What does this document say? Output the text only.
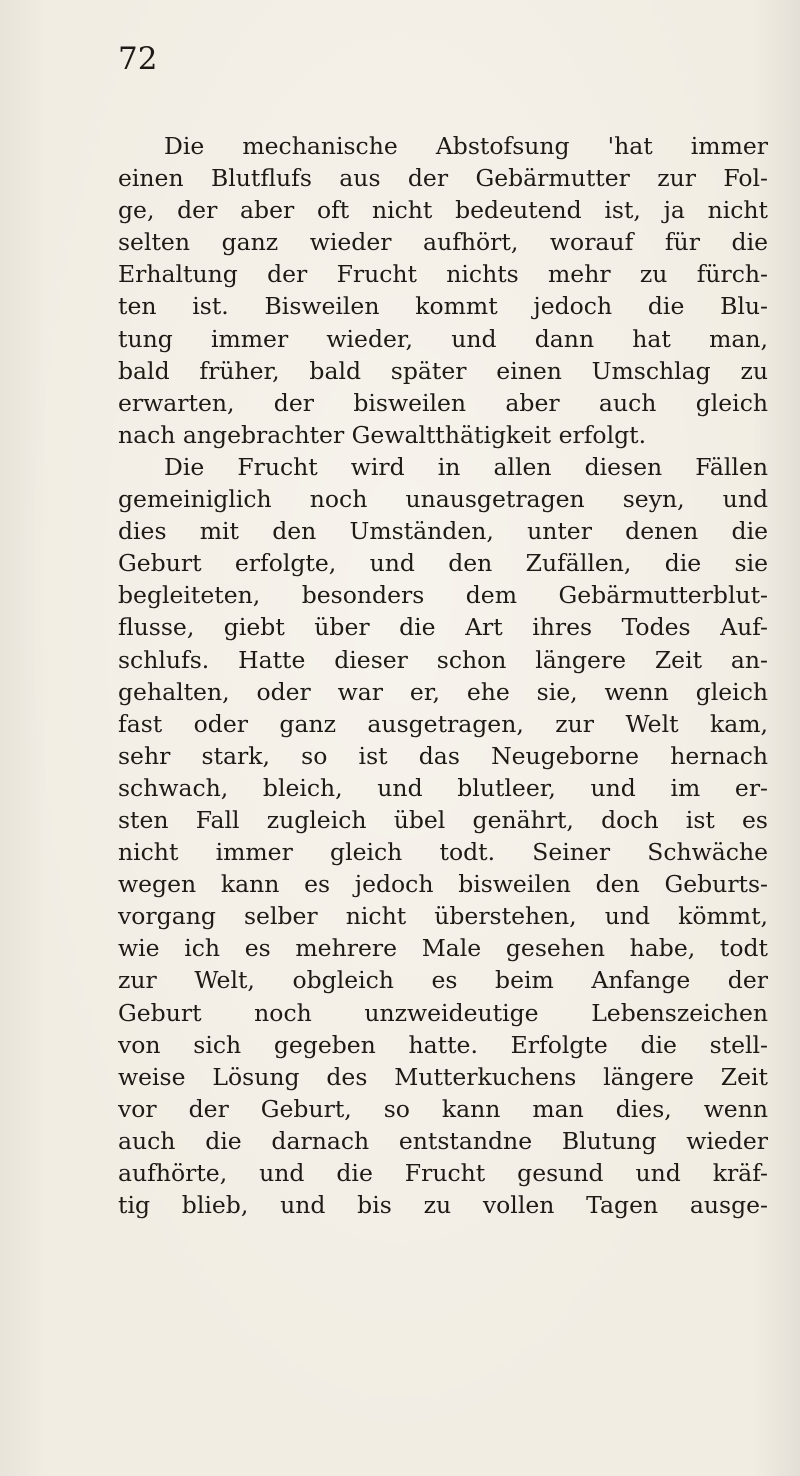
72
Die mechanische Abstofsung 'hat immer
einen Blutflufs aus der Gebärmutter zur Fol-
ge, der aber oft nicht bedeutend ist, ja nicht
selten ganz wieder aufhört, worauf für die
Erhaltung der Frucht nichts mehr zu fürch-
ten ist. Bisweilen kommt jedoch die Blu-
tung immer wieder, und dann hat man,
bald früher, bald später einen Umschlag zu
erwarten, der bisweilen aber auch gleich
nach angebrachter Gewaltthätigkeit erfolgt.
Die Frucht wird in allen diesen Fällen
gemeiniglich noch unausgetragen seyn, und
dies mit den Umständen, unter denen die
Geburt erfolgte, und den Zufällen, die sie
begleiteten, besonders dem Gebärmutterblut-
flusse, giebt über die Art ihres Todes Auf-
schlufs. Hatte dieser schon längere Zeit an-
gehalten, oder war er, ehe sie, wenn gleich
fast oder ganz ausgetragen, zur Welt kam,
sehr stark, so ist das Neugeborne hernach
schwach, bleich, und blutleer, und im er-
sten Fall zugleich übel genährt, doch ist es
nicht immer gleich todt. Seiner Schwäche
wegen kann es jedoch bisweilen den Geburts-
vorgang selber nicht überstehen, und kömmt,
wie ich es mehrere Male gesehen habe, todt
zur Welt, obgleich es beim Anfange der
Geburt noch unzweideutige Lebenszeichen
von sich gegeben hatte. Erfolgte die stell-
weise Lösung des Mutterkuchens längere Zeit
vor der Geburt, so kann man dies, wenn
auch die darnach entstandne Blutung wieder
aufhörte, und die Frucht gesund und kräf-
tig blieb, und bis zu vollen Tagen ausge-
